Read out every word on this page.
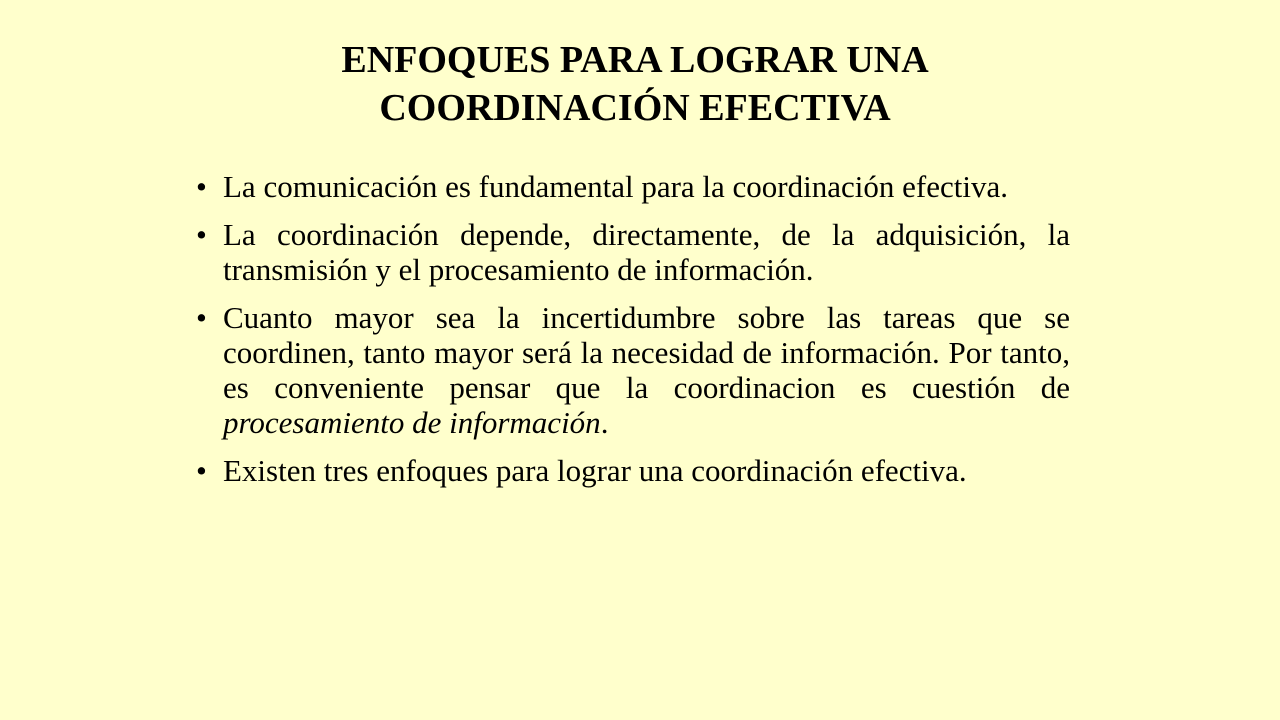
ENFOQUES PARA LOGRAR UNA
COORDINACIÓN EFECTIVA
• La comunicación es fundamental para la coordinación efectiva.
• La coordinación depende, directamente, de la adquisición, la transmisión y el procesamiento de información.
• Cuanto mayor sea la incertidumbre sobre las tareas que se coordinen, tanto mayor será la necesidad de información. Por tanto, es conveniente pensar que la coordinacion es cuestión de procesamiento de información.
• Existen tres enfoques para lograr una coordinación efectiva.
